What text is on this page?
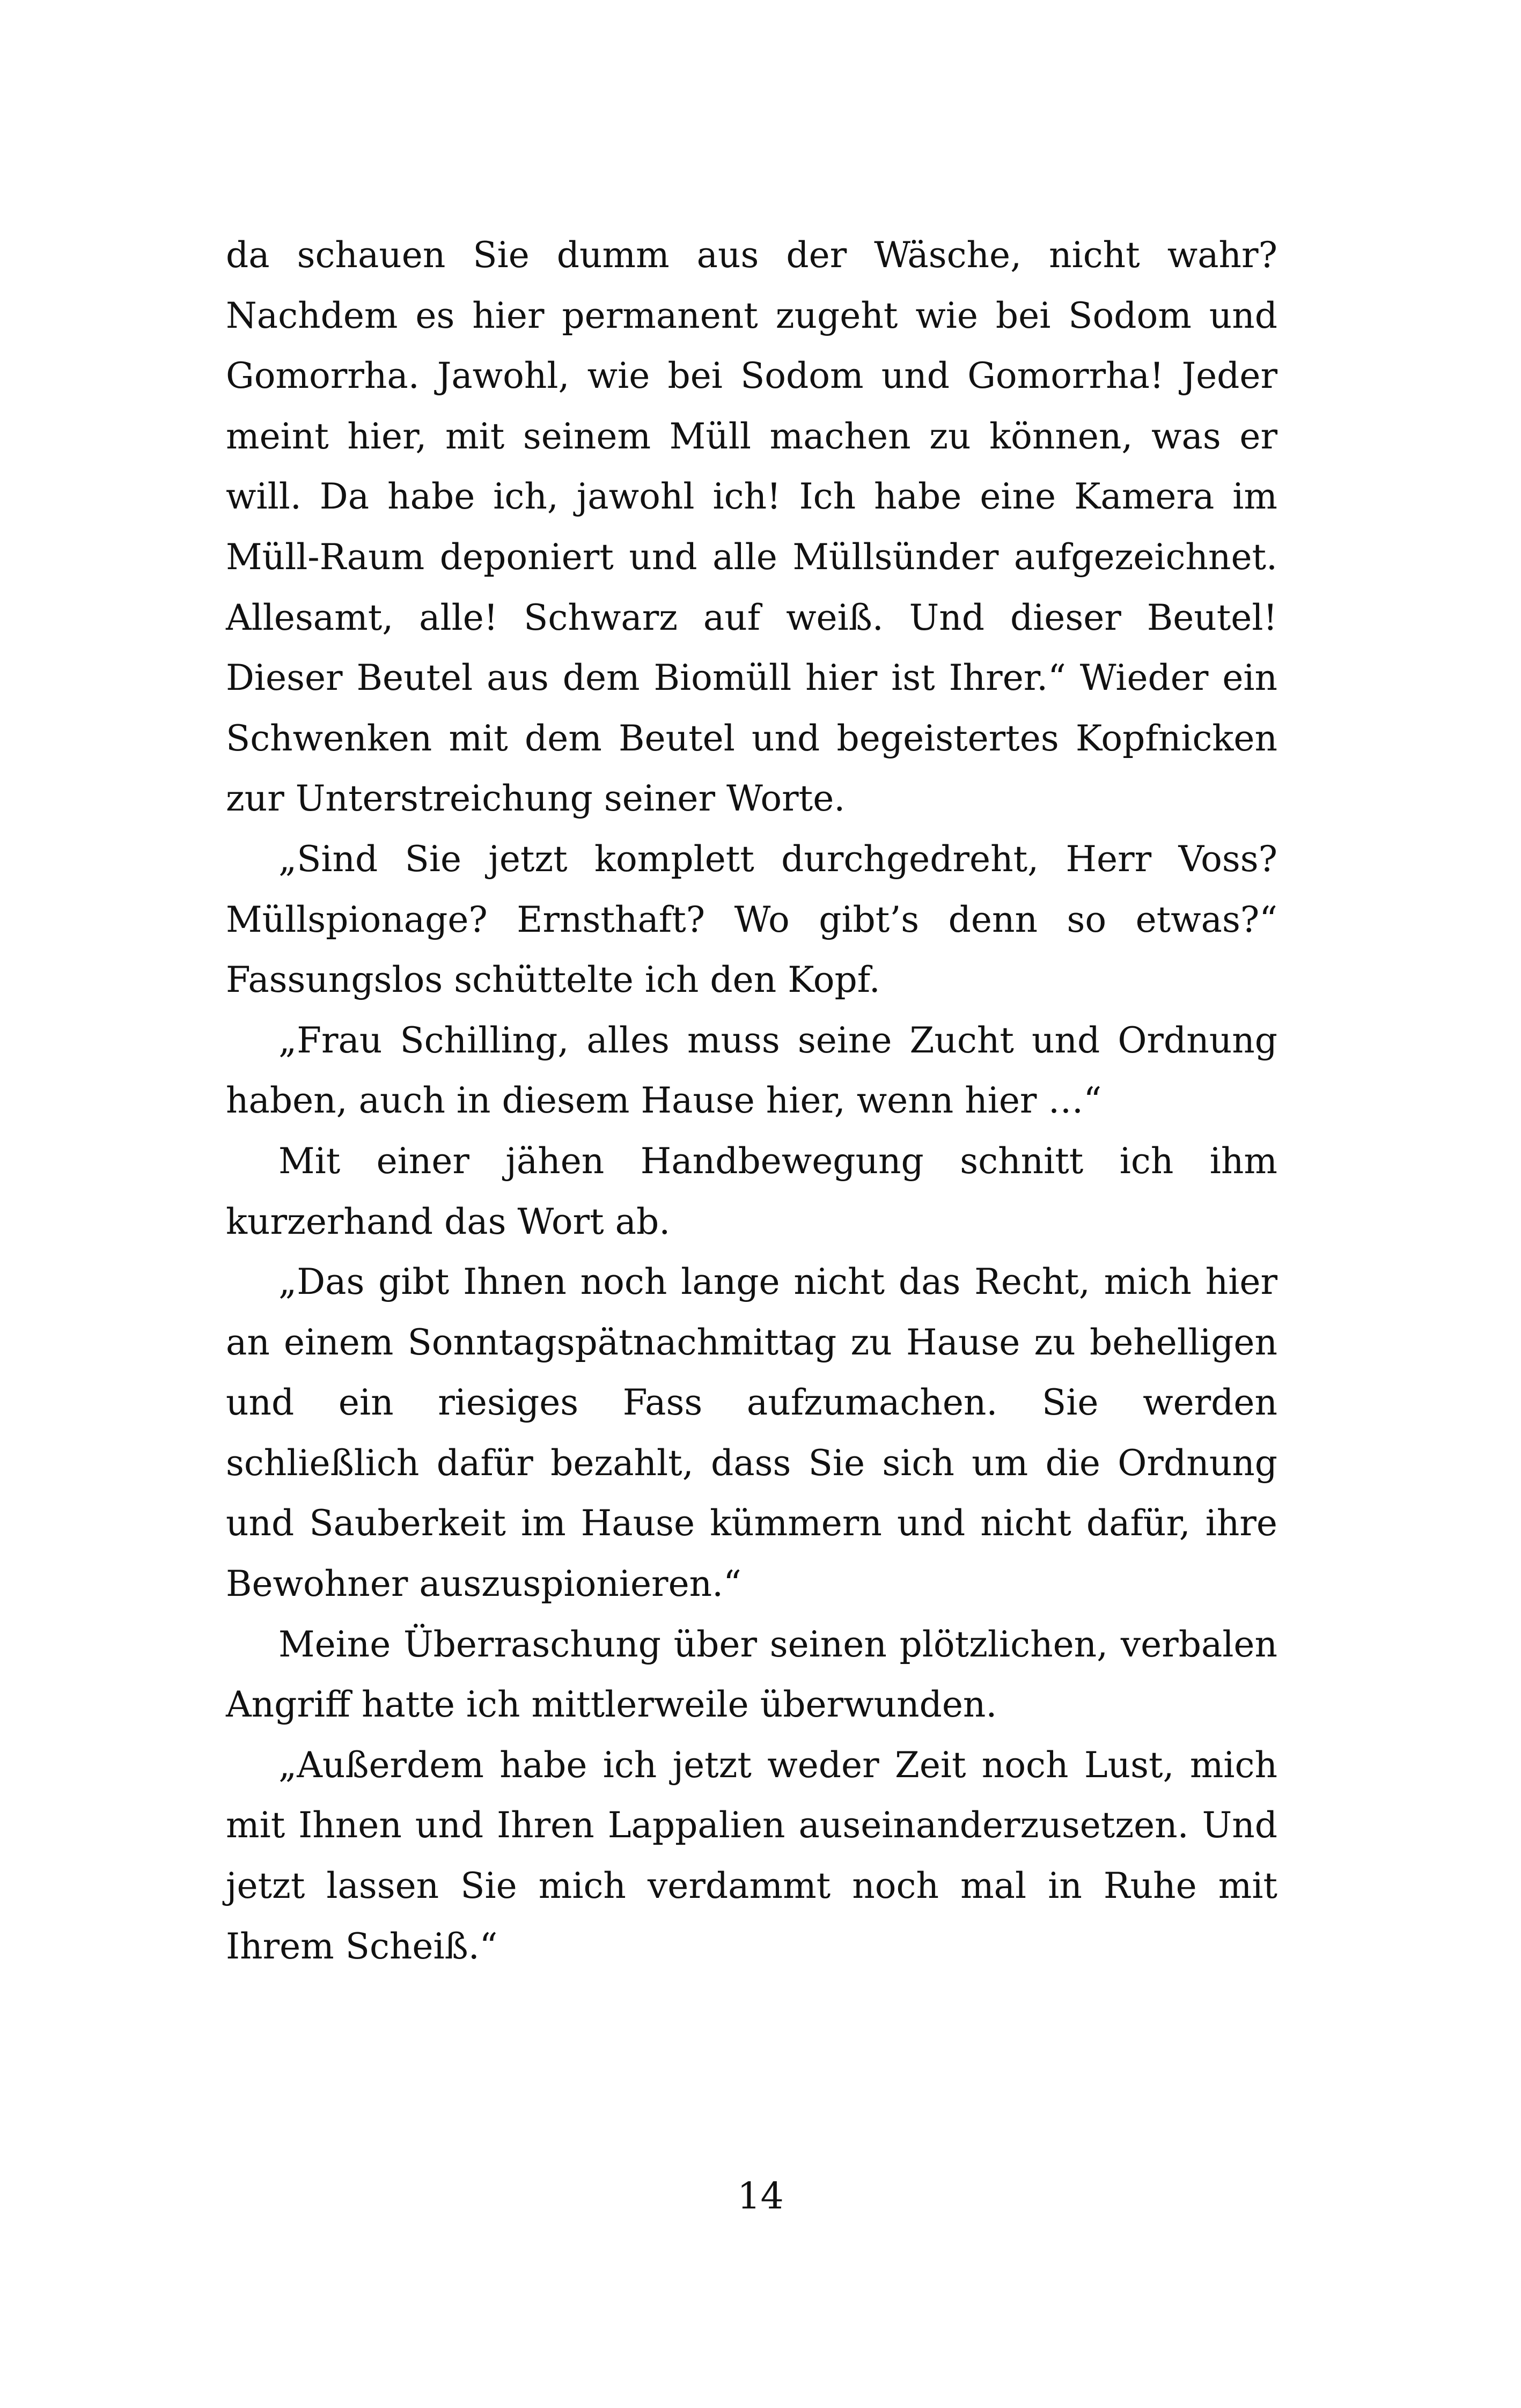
da schauen Sie dumm aus der Wäsche, nicht wahr? Nachdem es hier permanent zugeht wie bei Sodom und Gomorrha. Jawohl, wie bei Sodom und Gomorrha! Jeder meint hier, mit seinem Müll machen zu können, was er will. Da habe ich, jawohl ich! Ich habe eine Kamera im Müll-Raum deponiert und alle Müllsünder aufgezeichnet. Allesamt, alle! Schwarz auf weiß. Und dieser Beutel! Dieser Beutel aus dem Biomüll hier ist Ihrer.“ Wieder ein Schwenken mit dem Beutel und begeistertes Kopfnicken zur Unterstreichung seiner Worte.

„Sind Sie jetzt komplett durchgedreht, Herr Voss? Müllspionage? Ernsthaft? Wo gibt’s denn so etwas?“ Fassungslos schüttelte ich den Kopf.

„Frau Schilling, alles muss seine Zucht und Ordnung haben, auch in diesem Hause hier, wenn hier …“

Mit einer jähen Handbewegung schnitt ich ihm kurzerhand das Wort ab.

„Das gibt Ihnen noch lange nicht das Recht, mich hier an einem Sonntagspätnachmittag zu Hause zu behelligen und ein riesiges Fass aufzumachen. Sie werden schließlich dafür bezahlt, dass Sie sich um die Ordnung und Sauberkeit im Hause kümmern und nicht dafür, ihre Bewohner auszuspionieren.“

Meine Überraschung über seinen plötzlichen, verbalen Angriff hatte ich mittlerweile überwunden.

„Außerdem habe ich jetzt weder Zeit noch Lust, mich mit Ihnen und Ihren Lappalien auseinanderzusetzen. Und jetzt lassen Sie mich verdammt noch mal in Ruhe mit Ihrem Scheiß.“

14
